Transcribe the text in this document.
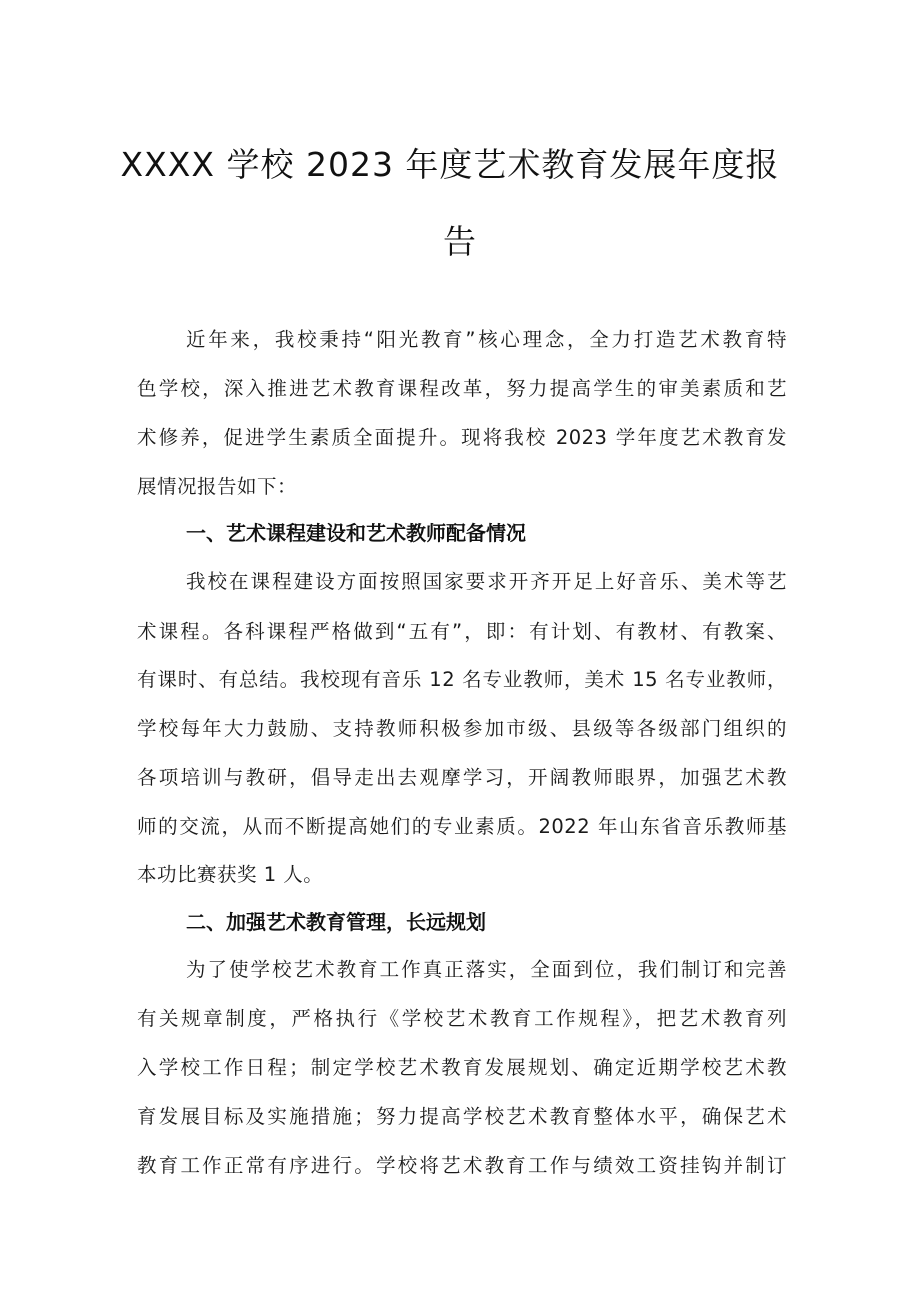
XXXX 学校 2023 年度艺术教育发展年度报
告
近年来，我校秉持“阳光教育”核心理念，全力打造艺术教育特
色学校，深入推进艺术教育课程改革，努力提高学生的审美素质和艺
术修养，促进学生素质全面提升。现将我校 2023 学年度艺术教育发
展情况报告如下：
一、艺术课程建设和艺术教师配备情况
我校在课程建设方面按照国家要求开齐开足上好音乐、美术等艺
术课程。各科课程严格做到“五有”，即：有计划、有教材、有教案、
有课时、有总结。我校现有音乐 12 名专业教师，美术 15 名专业教师，
学校每年大力鼓励、支持教师积极参加市级、县级等各级部门组织的
各项培训与教研，倡导走出去观摩学习，开阔教师眼界，加强艺术教
师的交流，从而不断提高她们的专业素质。2022 年山东省音乐教师基
本功比赛获奖 1 人。
二、加强艺术教育管理，长远规划
为了使学校艺术教育工作真正落实，全面到位，我们制订和完善
有关规章制度，严格执行《学校艺术教育工作规程》，把艺术教育列
入学校工作日程；制定学校艺术教育发展规划、确定近期学校艺术教
育发展目标及实施措施；努力提高学校艺术教育整体水平，确保艺术
教育工作正常有序进行。学校将艺术教育工作与绩效工资挂钩并制订
